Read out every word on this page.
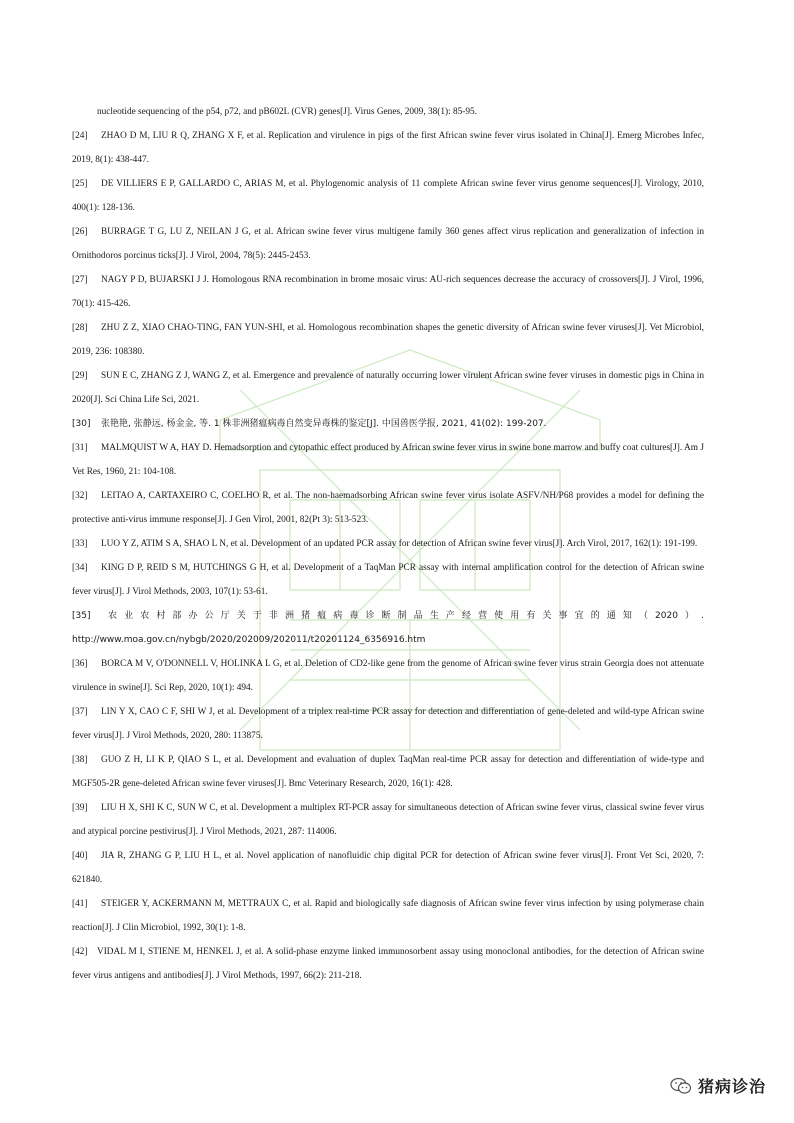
nucleotide sequencing of the p54, p72, and pB602L (CVR) genes[J]. Virus Genes, 2009, 38(1): 85-95.
[24] ZHAO D M, LIU R Q, ZHANG X F, et al. Replication and virulence in pigs of the first African swine fever virus isolated in China[J]. Emerg Microbes Infec, 2019, 8(1): 438-447.
[25] DE VILLIERS E P, GALLARDO C, ARIAS M, et al. Phylogenomic analysis of 11 complete African swine fever virus genome sequences[J]. Virology, 2010, 400(1): 128-136.
[26] BURRAGE T G, LU Z, NEILAN J G, et al. African swine fever virus multigene family 360 genes affect virus replication and generalization of infection in Ornithodoros porcinus ticks[J]. J Virol, 2004, 78(5): 2445-2453.
[27] NAGY P D, BUJARSKI J J. Homologous RNA recombination in brome mosaic virus: AU-rich sequences decrease the accuracy of crossovers[J]. J Virol, 1996, 70(1): 415-426.
[28] ZHU Z Z, XIAO CHAO-TING, FAN YUN-SHI, et al. Homologous recombination shapes the genetic diversity of African swine fever viruses[J]. Vet Microbiol, 2019, 236: 108380.
[29] SUN E C, ZHANG Z J, WANG Z, et al. Emergence and prevalence of naturally occurring lower virulent African swine fever viruses in domestic pigs in China in 2020[J]. Sci China Life Sci, 2021.
[30] 张艳艳, 张静远, 杨金金, 等. 1 株非洲猪瘟病毒自然变异毒株的鉴定[J]. 中国兽医学报, 2021, 41(02): 199-207.
[31] MALMQUIST W A, HAY D. Hemadsorption and cytopathic effect produced by African swine fever virus in swine bone marrow and buffy coat cultures[J]. Am J Vet Res, 1960, 21: 104-108.
[32] LEITAO A, CARTAXEIRO C, COELHO R, et al. The non-haemadsorbing African swine fever virus isolate ASFV/NH/P68 provides a model for defining the protective anti-virus immune response[J]. J Gen Virol, 2001, 82(Pt 3): 513-523.
[33] LUO Y Z, ATIM S A, SHAO L N, et al. Development of an updated PCR assay for detection of African swine fever virus[J]. Arch Virol, 2017, 162(1): 191-199.
[34] KING D P, REID S M, HUTCHINGS G H, et al. Development of a TaqMan PCR assay with internal amplification control for the detection of African swine fever virus[J]. J Virol Methods, 2003, 107(1): 53-61.
[35] 农业农村部办公厅关于非洲猪瘟病毒诊断制品生产经营使用有关事宜的通知（2020）. http://www.moa.gov.cn/nybgb/2020/202009/202011/t20201124_6356916.htm
[36] BORCA M V, O'DONNELL V, HOLINKA L G, et al. Deletion of CD2-like gene from the genome of African swine fever virus strain Georgia does not attenuate virulence in swine[J]. Sci Rep, 2020, 10(1): 494.
[37] LIN Y X, CAO C F, SHI W J, et al. Development of a triplex real-time PCR assay for detection and differentiation of gene-deleted and wild-type African swine fever virus[J]. J Virol Methods, 2020, 280: 113875.
[38] GUO Z H, LI K P, QIAO S L, et al. Development and evaluation of duplex TaqMan real-time PCR assay for detection and differentiation of wide-type and MGF505-2R gene-deleted African swine fever viruses[J]. Bmc Veterinary Research, 2020, 16(1): 428.
[39] LIU H X, SHI K C, SUN W C, et al. Development a multiplex RT-PCR assay for simultaneous detection of African swine fever virus, classical swine fever virus and atypical porcine pestivirus[J]. J Virol Methods, 2021, 287: 114006.
[40] JIA R, ZHANG G P, LIU H L, et al. Novel application of nanofluidic chip digital PCR for detection of African swine fever virus[J]. Front Vet Sci, 2020, 7: 621840.
[41] STEIGER Y, ACKERMANN M, METTRAUX C, et al. Rapid and biologically safe diagnosis of African swine fever virus infection by using polymerase chain reaction[J]. J Clin Microbiol, 1992, 30(1): 1-8.
[42] VIDAL M I, STIENE M, HENKEL J, et al. A solid-phase enzyme linked immunosorbent assay using monoclonal antibodies, for the detection of African swine fever virus antigens and antibodies[J]. J Virol Methods, 1997, 66(2): 211-218.
猪病诊治
